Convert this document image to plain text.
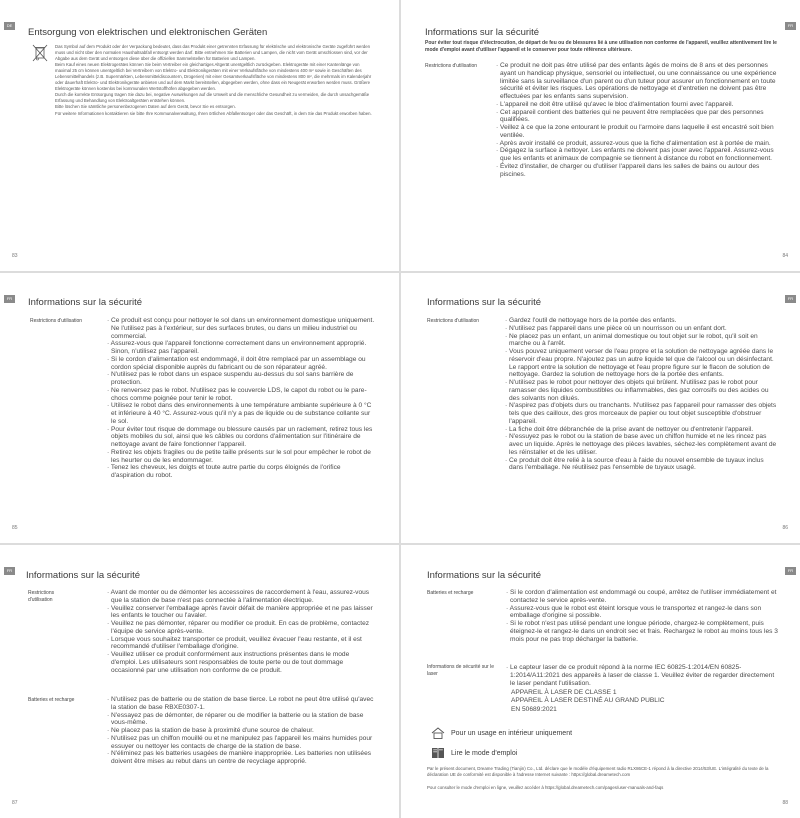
DE
Entsorgung von elektrischen und elektronischen Geräten

Das Symbol auf dem Produkt oder der Verpackung bedeutet, dass das Produkt einer getrennten Erfassung für elektrische und elektronische Geräte zugeführt werden muss und nicht über den normalen Haushaltsabfall entsorgt werden darf. Bitte entnehmen Sie Batterien und Lampen, die nicht vom Gerät umschlossen sind, vor der Abgabe aus dem Gerät und entsorgen diese über die offiziellen Sammelstellen für Batterien und Lampen.

Beim Kauf eines neuen Elektrogerätes können Sie beim Vertreiber ein gleichartiges Altgerät unentgeltlich zurückgeben. Elektrogeräte mit einer Kantenlänge von maximal 25 cm können unentgeltlich bei Vertreibern von Elektro- und Elektronikgeräten mit einer Verkaufsfläche von mindestens 400 m² sowie in Geschäften des Lebensmittelhandels (z.B. Supermärkten, Lebensmitteldiscountern, Drogerien) mit einer Gesamtverkaufsfläche von mindestens 800 m², die mehrmals im Kalenderjahr oder dauerhaft Elektro- und Elektronikgeräte anbieten und auf dem Markt bereitstellen, abgegeben werden, ohne dass ein Neugerät erworben werden muss. Größere Elektrogeräte können kostenlos bei kommunalen Wertstoffhöfen abgegeben werden.

Durch die korrekte Entsorgung tragen Sie dazu bei, negative Auswirkungen auf die Umwelt und die menschliche Gesundheit zu vermeiden, die durch unsachgemäße Erfassung und Behandlung von Elektroaltgeräten entstehen können.

Bitte löschen Sie sämtliche personenbezogenen Daten auf dem Gerät, bevor Sie es entsorgen.

Für weitere Informationen kontaktieren sie bitte Ihre Kommunalverwaltung, Ihren örtlichen Abfallentsorger oder das Geschäft, in dem Sie das Produkt erworben haben.

83
FR
Informations sur la sécurité
Pour éviter tout risque d'électrocution, de départ de feu ou de blessures lié à une utilisation non conforme de l'appareil, veuillez attentivement lire le mode d'emploi avant d'utiliser l'appareil et le conserver pour toute référence ultérieure.
Restrictions d'utilisation	· Ce produit ne doit pas être utilisé par des enfants âgés de moins de 8 ans et des personnes ayant un handicap physique, sensoriel ou intellectuel, ou une connaissance ou une expérience limitée sans la surveillance d'un parent ou d'un tuteur pour assurer un fonctionnement en toute sécurité et éviter les risques. Les opérations de nettoyage et d'entretien ne doivent pas être effectuées par les enfants sans supervision.
· L'appareil ne doit être utilisé qu'avec le bloc d'alimentation fourni avec l'appareil.
· Cet appareil contient des batteries qui ne peuvent être remplacées que par des personnes qualifiées.
· Veillez à ce que la zone entourant le produit ou l'armoire dans laquelle il est encastré soit bien ventilée.
· Après avoir installé ce produit, assurez-vous que la fiche d'alimentation est à portée de main.
· Dégagez la surface à nettoyer. Les enfants ne doivent pas jouer avec l'appareil. Assurez-vous que les enfants et animaux de compagnie se tiennent à distance du robot en fonctionnement.
· Évitez d'installer, de charger ou d'utiliser l'appareil dans les salles de bains ou autour des piscines.
84
FR Informations sur la sécurité
Restrictions d'utilisation	· Ce produit est conçu pour nettoyer le sol dans un environnement domestique uniquement. Ne l'utilisez pas à l'extérieur, sur des surfaces brutes, ou dans un milieu industriel ou commercial.
· Assurez-vous que l'appareil fonctionne correctement dans un environnement approprié. Sinon, n'utilisez pas l'appareil.
· Si le cordon d'alimentation est endommagé, il doit être remplacé par un assemblage ou cordon spécial disponible auprès du fabricant ou de son réparateur agréé.
· N'utilisez pas le robot dans un espace suspendu au-dessus du sol sans barrière de protection.
· Ne renversez pas le robot. N'utilisez pas le couvercle LDS, le capot du robot ou le pare-chocs comme poignée pour tenir le robot.
· Utilisez le robot dans des environnements à une température ambiante supérieure à 0 °C et inférieure à 40 °C. Assurez-vous qu'il n'y a pas de liquide ou de substance collante sur le sol.
· Pour éviter tout risque de dommage ou blessure causés par un raclement, retirez tous les objets mobiles du sol, ainsi que les câbles ou cordons d'alimentation sur l'itinéraire de nettoyage avant de faire fonctionner l'appareil.
· Retirez les objets fragiles ou de petite taille présents sur le sol pour empêcher le robot de les heurter ou de les endommager.
· Tenez les cheveux, les doigts et toute autre partie du corps éloignés de l'orifice d'aspiration du robot.
85
FR
Informations sur la sécurité
Restrictions d'utilisation	· Gardez l'outil de nettoyage hors de la portée des enfants.
· N'utilisez pas l'appareil dans une pièce où un nourrisson ou un enfant dort.
· Ne placez pas un enfant, un animal domestique ou tout objet sur le robot, qu'il soit en marche ou à l'arrêt.
· Vous pouvez uniquement verser de l'eau propre et la solution de nettoyage agréée dans le réservoir d'eau propre. N'ajoutez pas un autre liquide tel que de l'alcool ou un désinfectant. Le rapport entre la solution de nettoyage et l'eau propre figure sur le flacon de solution de nettoyage. Gardez la solution de nettoyage hors de la portée des enfants.
· N'utilisez pas le robot pour nettoyer des objets qui brûlent. N'utilisez pas le robot pour ramasser des liquides combustibles ou inflammables, des gaz corrosifs ou des acides ou des solvants non dilués.
· N'aspirez pas d'objets durs ou tranchants. N'utilisez pas l'appareil pour ramasser des objets tels que des cailloux, des gros morceaux de papier ou tout objet susceptible d'obstruer l'appareil.
· La fiche doit être débranchée de la prise avant de nettoyer ou d'entretenir l'appareil.
· N'essuyez pas le robot ou la station de base avec un chiffon humide et ne les rincez pas avec un liquide. Après le nettoyage des pièces lavables, séchez-les complètement avant de les réinstaller et de les utiliser.
· Ce produit doit être relié à la source d'eau à l'aide du nouvel ensemble de tuyaux inclus dans l'emballage. Ne réutilisez pas l'ensemble de tuyaux usagé.
86
FR Informations sur la sécurité
Restrictions d'utilisation
· Avant de monter ou de démonter les accessoires de raccordement à l'eau, assurez-vous que la station de base n'est pas connectée à l'alimentation électrique.
· Veuillez conserver l'emballage après l'avoir défait de manière appropriée et ne pas laisser les enfants le toucher ou l'avaler.
· Veuillez ne pas démonter, réparer ou modifier ce produit. En cas de problème, contactez l'équipe de service après-vente.
· Lorsque vous souhaitez transporter ce produit, veuillez évacuer l'eau restante, et il est recommandé d'utiliser l'emballage d'origine.
· Veuillez utiliser ce produit conformément aux instructions présentes dans le mode d'emploi. Les utilisateurs sont responsables de toute perte ou de tout dommage occasionné par une utilisation non conforme de ce produit.
Batteries et recharge	· N'utilisez pas de batterie ou de station de base tierce. Le robot ne peut être utilisé qu'avec la station de base RBXE0307-1.
· N'essayez pas de démonter, de réparer ou de modifier la batterie ou la station de base vous-même.
· Ne placez pas la station de base à proximité d'une source de chaleur.
· N'utilisez pas un chiffon mouillé ou et ne manipulez pas l'appareil les mains humides pour essuyer ou nettoyer les contacts de charge de la station de base.
· N'éliminez pas les batteries usagées de manière inappropriée. Les batteries non utilisées doivent être mises au rebut dans un centre de recyclage approprié.
87
FR
Informations sur la sécurité
Batteries et recharge	· Si le cordon d'alimentation est endommagé ou coupé, arrêtez de l'utiliser immédiatement et contactez le service après-vente.
· Assurez-vous que le robot est éteint lorsque vous le transportez et rangez-le dans son emballage d'origine si possible.
· Si le robot n'est pas utilisé pendant une longue période, chargez-le complètement, puis éteignez-le et rangez-le dans un endroit sec et frais. Rechargez le robot au moins tous les 3 mois pour ne pas trop décharger la batterie.
Informations de sécurité sur le laser
· Le capteur laser de ce produit répond à la norme IEC 60825-1:2014/EN 60825-1:2014/A11:2021 des appareils à laser de classe 1. Veuillez éviter de regarder directement le laser pendant l'utilisation.
APPAREIL À LASER DE CLASSE 1
APPAREIL À LASER DESTINÉ AU GRAND PUBLIC
EN 50689:2021
Pour un usage en intérieur uniquement
Lire le mode d'emploi
Par le présent document, Dreame Trading (Tianjin) Co., Ltd. déclare que le modèle d'équipement radio RLX86CE-1 répond à la directive 2014/53/UE. L'intégralité du texte de la déclaration UE de conformité est disponible à l'adresse Internet suivante : https://global.dreametech.com
Pour consulter le mode d'emploi en ligne, veuillez accéder à https://global.dreametech.com/pages/user-manuals-and-faqs
88
